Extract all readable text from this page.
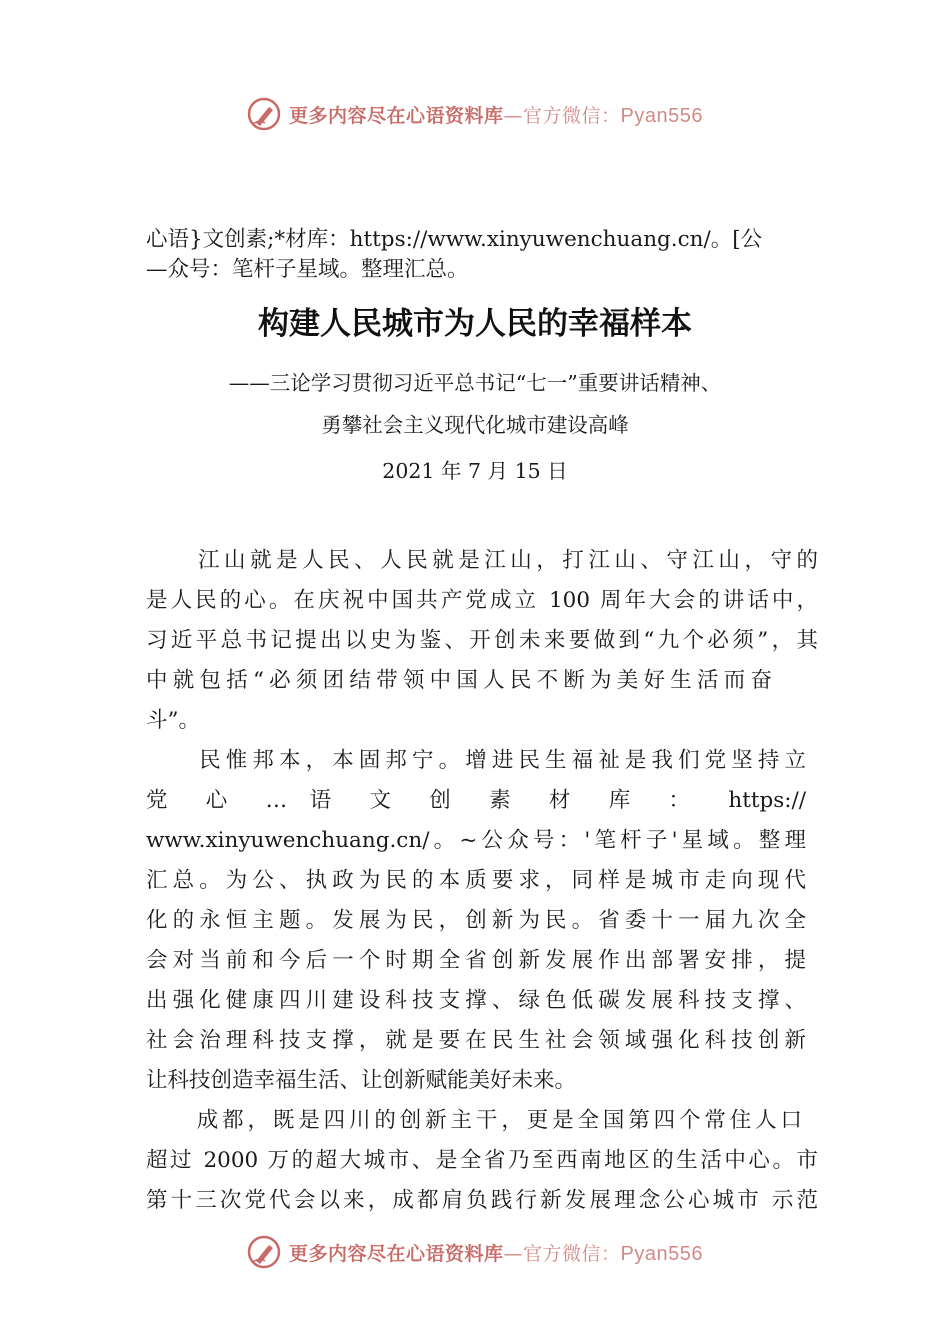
更多内容尽在心语资料库—官方微信：Pyan556
心语}文创素;*材库：https://www.xinyuwenchuang.cn/。[公
—众号：笔杆子星域。整理汇总。
构建人民城市为人民的幸福样本
——三论学习贯彻习近平总书记“七一”重要讲话精神、
勇攀社会主义现代化城市建设高峰
2021 年 7 月 15 日
　　江山就是人民、人民就是江山，打江山、守江山，守的
是人民的心。在庆祝中国共产党成立 100 周年大会的讲话中，
习近平总书记提出以史为鉴、开创未来要做到“九个必须”，其
中就包括“必须团结带领中国人民不断为美好生活而奋
斗”。
　　民惟邦本，本固邦宁。增进民生福祉是我们党坚持立
党 心 … 语 文 创 素 材 库 ： https://
www.xinyuwenchuang.cn/。~公众号：'笔杆子'星域。整理
汇总。为公、执政为民的本质要求，同样是城市走向现代
化的永恒主题。发展为民，创新为民。省委十一届九次全
会对当前和今后一个时期全省创新发展作出部署安排，提
出强化健康四川建设科技支撑、绿色低碳发展科技支撑、
社会治理科技支撑，就是要在民生社会领域强化科技创新
让科技创造幸福生活、让创新赋能美好未来。
　　成都，既是四川的创新主干，更是全国第四个常住人口
超过 2000 万的超大城市、是全省乃至西南地区的生活中心。市
第十三次党代会以来，成都肩负践行新发展理念公心城市 示范
更多内容尽在心语资料库—官方微信：Pyan556
